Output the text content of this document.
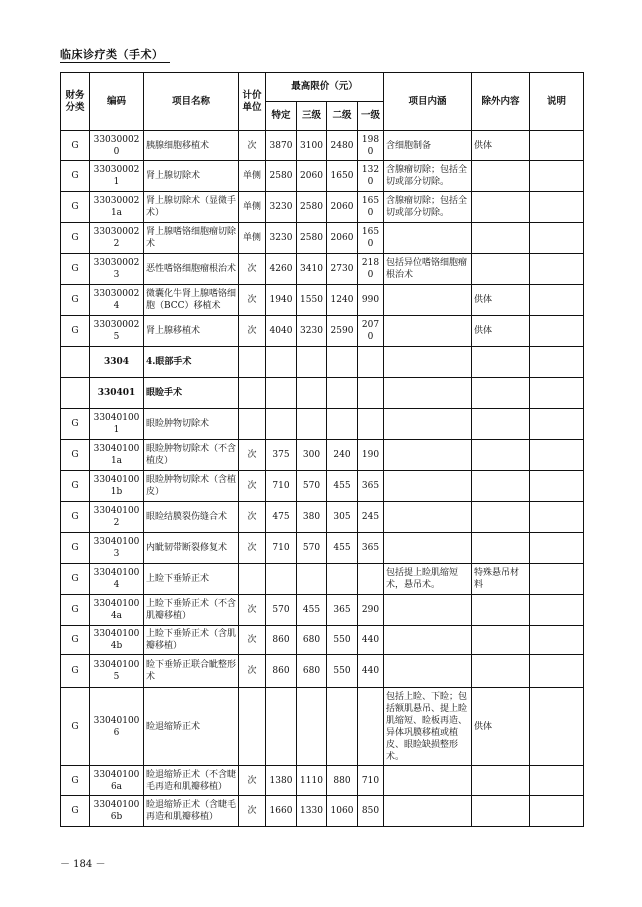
临床诊疗类（手术）
财务分类	编码	项目名称	计价单位	最高限价（元）				项目内涵	除外内容	说明
				特定	三级	二级	一级			
G	330300020	胰腺细胞移植术	次	3870	3100	2480	1980	含细胞制备	供体	
G	330300021	肾上腺切除术	单侧	2580	2060	1650	1320	含腺瘤切除；包括全切或部分切除。		
G	330300021a	肾上腺切除术（显微手术）	单侧	3230	2580	2060	1650	含腺瘤切除；包括全切或部分切除。		
G	330300022	肾上腺嗜铬细胞瘤切除术	单侧	3230	2580	2060	1650			
G	330300023	恶性嗜铬细胞瘤根治术	次	4260	3410	2730	2180	包括异位嗜铬细胞瘤根治术		
G	330300024	微囊化牛肾上腺嗜铬细胞（BCC）移植术	次	1940	1550	1240	990		供体	
G	330300025	肾上腺移植术	次	4040	3230	2590	2070		供体	
	3304	4.眼部手术								
	330401	眼睑手术								
G	330401001	眼睑肿物切除术								
G	330401001a	眼睑肿物切除术（不含植皮）	次	375	300	240	190			
G	330401001b	眼睑肿物切除术（含植皮）	次	710	570	455	365			
G	330401002	眼睑结膜裂伤缝合术	次	475	380	305	245			
G	330401003	内眦韧带断裂修复术	次	710	570	455	365			
G	330401004	上睑下垂矫正术						包括提上睑肌缩短术，悬吊术。	特殊悬吊材料	
G	330401004a	上睑下垂矫正术（不含肌瓣移植）	次	570	455	365	290			
G	330401004b	上睑下垂矫正术（含肌瓣移植）	次	860	680	550	440			
G	330401005	睑下垂矫正联合眦整形术	次	860	680	550	440			
G	330401006	睑退缩矫正术						包括上睑、下睑；包括额肌悬吊、提上睑肌缩短、睑板再造、异体巩膜移植或植皮、眼睑缺损整形术。	供体	
G	330401006a	睑退缩矫正术（不含睫毛再造和肌瓣移植）	次	1380	1110	880	710			
G	330401006b	睑退缩矫正术（含睫毛再造和肌瓣移植）	次	1660	1330	1060	850			
－ 184 －
